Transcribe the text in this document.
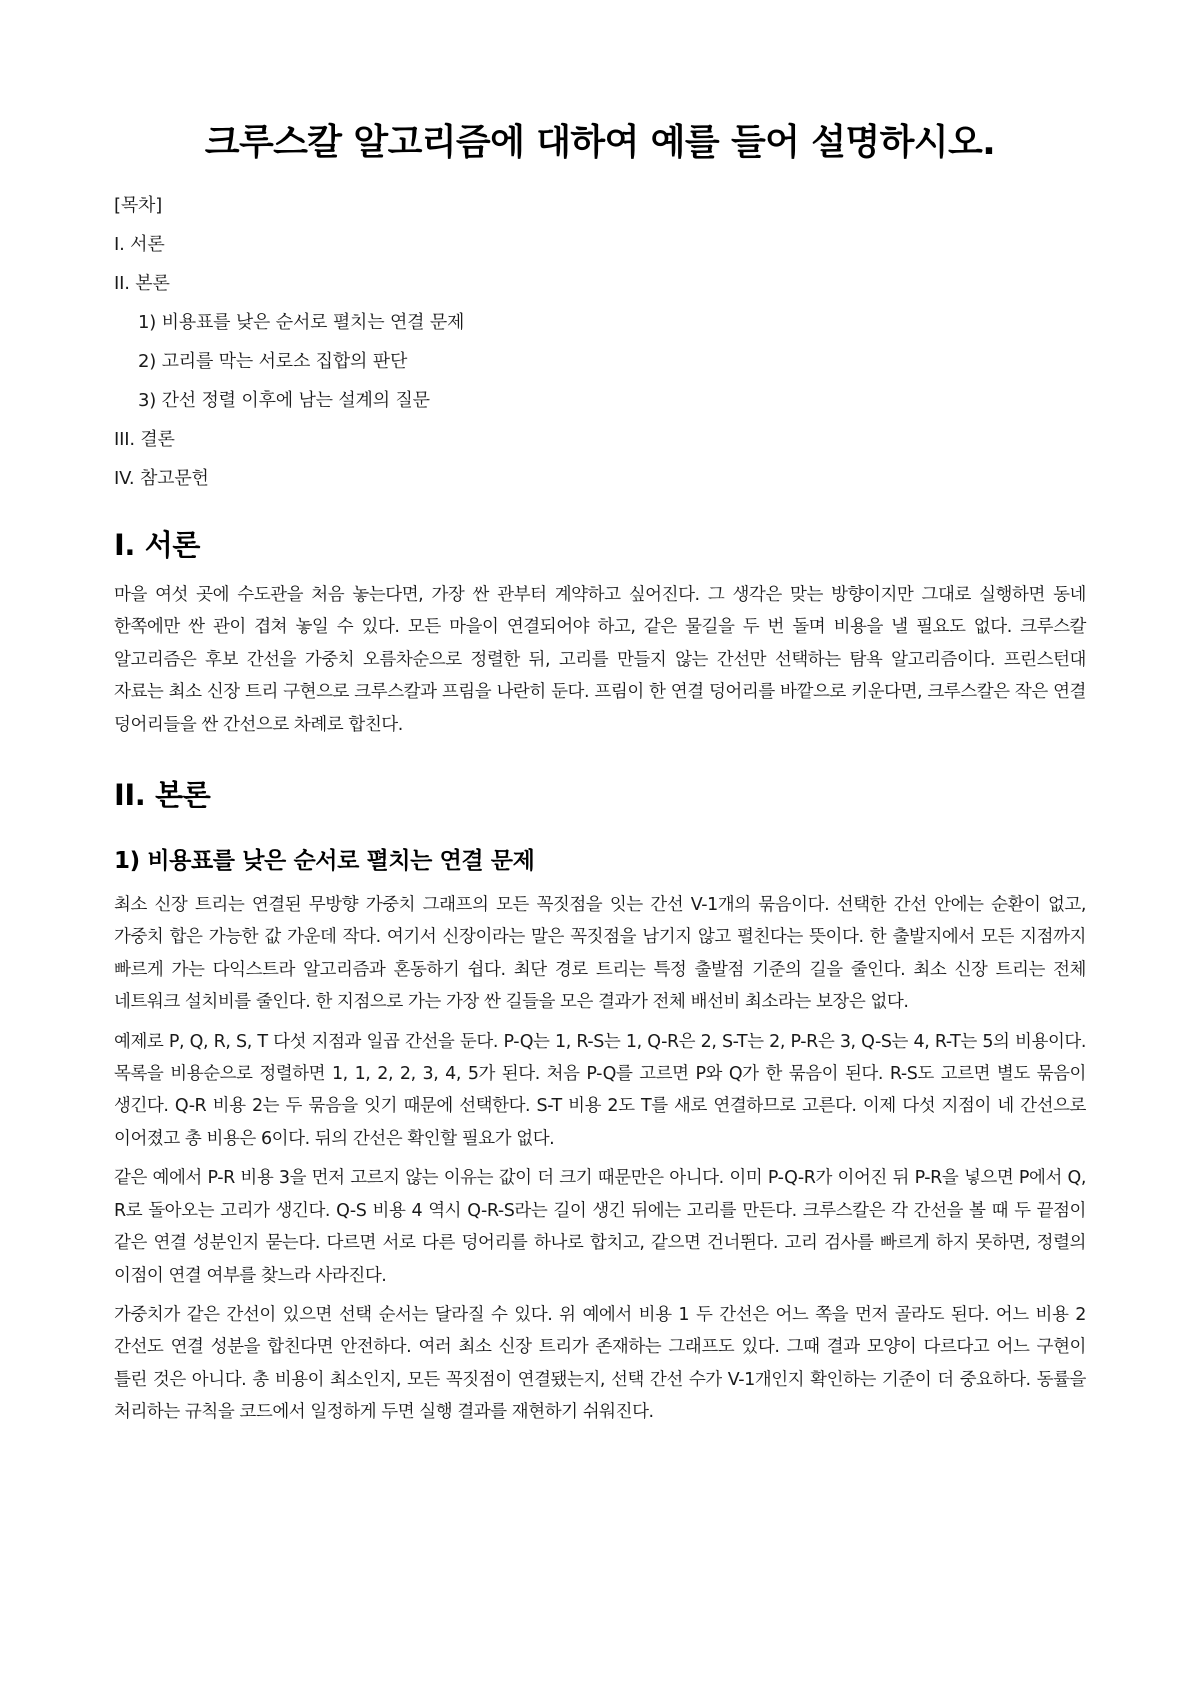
크루스칼 알고리즘에 대하여 예를 들어 설명하시오.
[목차]
I. 서론
II. 본론
1) 비용표를 낮은 순서로 펼치는 연결 문제
2) 고리를 막는 서로소 집합의 판단
3) 간선 정렬 이후에 남는 설계의 질문
III. 결론
IV. 참고문헌
I. 서론

마을 여섯 곳에 수도관을 처음 놓는다면, 가장 싼 관부터 계약하고 싶어진다. 그 생각은 맞는 방향이지만 그대로 실행하면 동네 한쪽에만 싼 관이 겹쳐 놓일 수 있다. 모든 마을이 연결되어야 하고, 같은 물길을 두 번 돌며 비용을 낼 필요도 없다. 크루스칼 알고리즘은 후보 간선을 가중치 오름차순으로 정렬한 뒤, 고리를 만들지 않는 간선만 선택하는 탐욕 알고리즘이다. 프린스턴대 자료는 최소 신장 트리 구현으로 크루스칼과 프림을 나란히 둔다. 프림이 한 연결 덩어리를 바깥으로 키운다면, 크루스칼은 작은 연결 덩어리들을 싼 간선으로 차례로 합친다.

II. 본론
1) 비용표를 낮은 순서로 펼치는 연결 문제

최소 신장 트리는 연결된 무방향 가중치 그래프의 모든 꼭짓점을 잇는 간선 V-1개의 묶음이다. 선택한 간선 안에는 순환이 없고, 가중치 합은 가능한 값 가운데 작다. 여기서 신장이라는 말은 꼭짓점을 남기지 않고 펼친다는 뜻이다. 한 출발지에서 모든 지점까지 빠르게 가는 다익스트라 알고리즘과 혼동하기 쉽다. 최단 경로 트리는 특정 출발점 기준의 길을 줄인다. 최소 신장 트리는 전체 네트워크 설치비를 줄인다. 한 지점으로 가는 가장 싼 길들을 모은 결과가 전체 배선비 최소라는 보장은 없다.

예제로 P, Q, R, S, T 다섯 지점과 일곱 간선을 둔다. P-Q는 1, R-S는 1, Q-R은 2, S-T는 2, P-R은 3, Q-S는 4, R-T는 5의 비용이다. 목록을 비용순으로 정렬하면 1, 1, 2, 2, 3, 4, 5가 된다. 처음 P-Q를 고르면 P와 Q가 한 묶음이 된다. R-S도 고르면 별도 묶음이 생긴다. Q-R 비용 2는 두 묶음을 잇기 때문에 선택한다. S-T 비용 2도 T를 새로 연결하므로 고른다. 이제 다섯 지점이 네 간선으로 이어졌고 총 비용은 6이다. 뒤의 간선은 확인할 필요가 없다.

같은 예에서 P-R 비용 3을 먼저 고르지 않는 이유는 값이 더 크기 때문만은 아니다. 이미 P-Q-R가 이어진 뒤 P-R을 넣으면 P에서 Q, R로 돌아오는 고리가 생긴다. Q-S 비용 4 역시 Q-R-S라는 길이 생긴 뒤에는 고리를 만든다. 크루스칼은 각 간선을 볼 때 두 끝점이 같은 연결 성분인지 묻는다. 다르면 서로 다른 덩어리를 하나로 합치고, 같으면 건너뛴다. 고리 검사를 빠르게 하지 못하면, 정렬의 이점이 연결 여부를 찾느라 사라진다.

가중치가 같은 간선이 있으면 선택 순서는 달라질 수 있다. 위 예에서 비용 1 두 간선은 어느 쪽을 먼저 골라도 된다. 어느 비용 2 간선도 연결 성분을 합친다면 안전하다. 여러 최소 신장 트리가 존재하는 그래프도 있다. 그때 결과 모양이 다르다고 어느 구현이 틀린 것은 아니다. 총 비용이 최소인지, 모든 꼭짓점이 연결됐는지, 선택 간선 수가 V-1개인지 확인하는 기준이 더 중요하다. 동률을 처리하는 규칙을 코드에서 일정하게 두면 실행 결과를 재현하기 쉬워진다.
